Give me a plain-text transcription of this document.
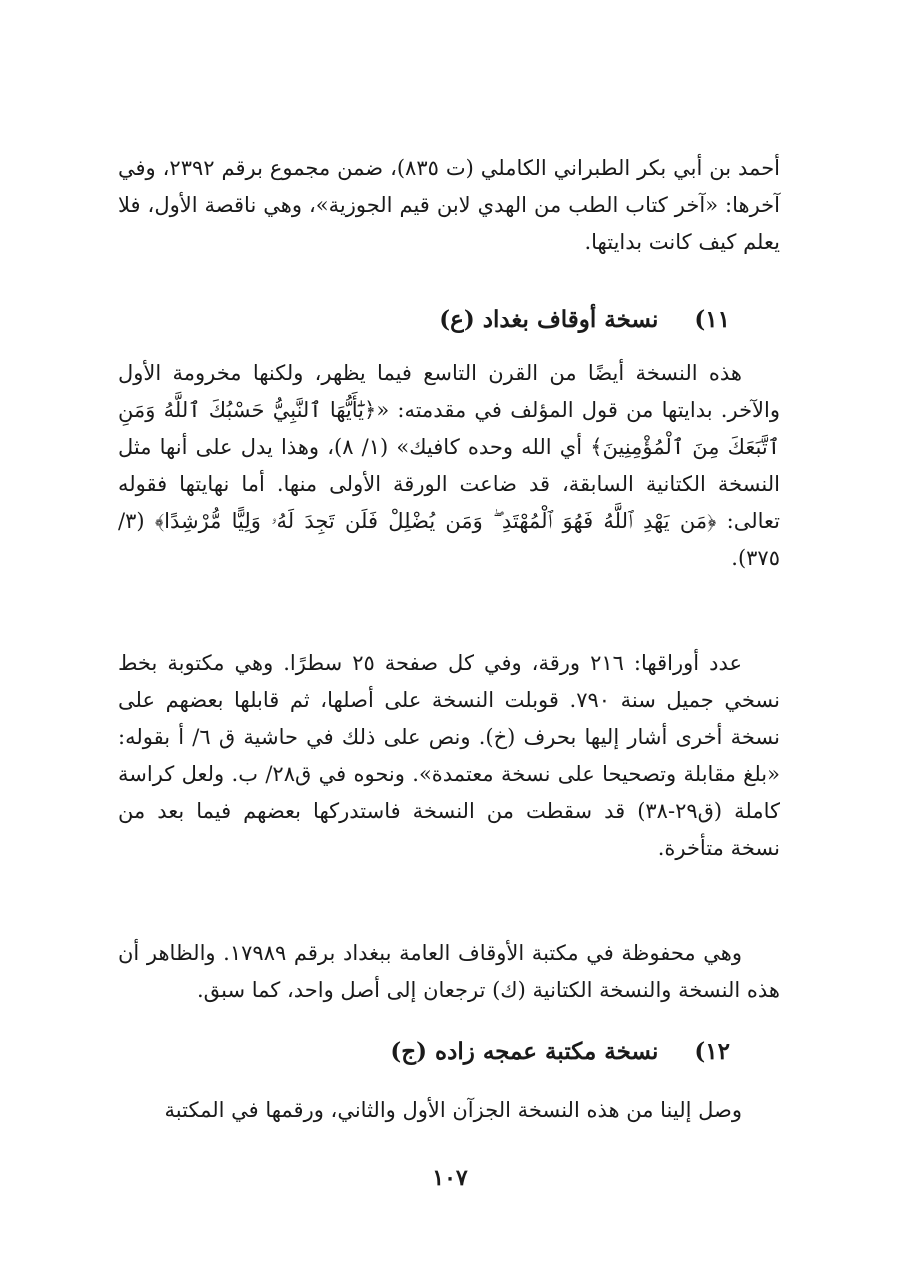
أحمد بن أبي بكر الطبراني الكاملي (ت ٨٣٥)، ضمن مجموع برقم ٢٣٩٢، وفي آخرها: «آخر كتاب الطب من الهدي لابن قيم الجوزية»، وهي ناقصة الأول، فلا يعلم كيف كانت بدايتها.

١١)نسخة أوقاف بغداد (ع)

هذه النسخة أيضًا من القرن التاسع فيما يظهر، ولكنها مخرومة الأول والآخر. بدايتها من قول المؤلف في مقدمته: «﴿يَٰٓأَيُّهَا ٱلنَّبِيُّ حَسْبُكَ ٱللَّهُ وَمَنِ ٱتَّبَعَكَ مِنَ ٱلْمُؤْمِنِينَ﴾ أي الله وحده كافيك» (١/ ٨)، وهذا يدل على أنها مثل النسخة الكتانية السابقة، قد ضاعت الورقة الأولى منها. أما نهايتها فقوله تعالى: ﴿مَن يَهْدِ ٱللَّهُ فَهُوَ ٱلْمُهْتَدِ ۖ وَمَن يُضْلِلْ فَلَن تَجِدَ لَهُۥ وَلِيًّا مُّرْشِدًا﴾ (٣/ ٣٧٥).

عدد أوراقها: ٢١٦ ورقة، وفي كل صفحة ٢٥ سطرًا. وهي مكتوبة بخط نسخي جميل سنة ٧٩٠. قوبلت النسخة على أصلها، ثم قابلها بعضهم على نسخة أخرى أشار إليها بحرف (خ). ونص على ذلك في حاشية ق ٦/ أ بقوله: «بلغ مقابلة وتصحيحا على نسخة معتمدة». ونحوه في ق٢٨/ ب. ولعل كراسة كاملة (ق٢٩-٣٨) قد سقطت من النسخة فاستدركها بعضهم فيما بعد من نسخة متأخرة.

وهي محفوظة في مكتبة الأوقاف العامة ببغداد برقم ١٧٩٨٩. والظاهر أن هذه النسخة والنسخة الكتانية (ك) ترجعان إلى أصل واحد، كما سبق.

١٢)نسخة مكتبة عمجه زاده (ج)

وصل إلينا من هذه النسخة الجزآن الأول والثاني، ورقمها في المكتبة

١٠٧
